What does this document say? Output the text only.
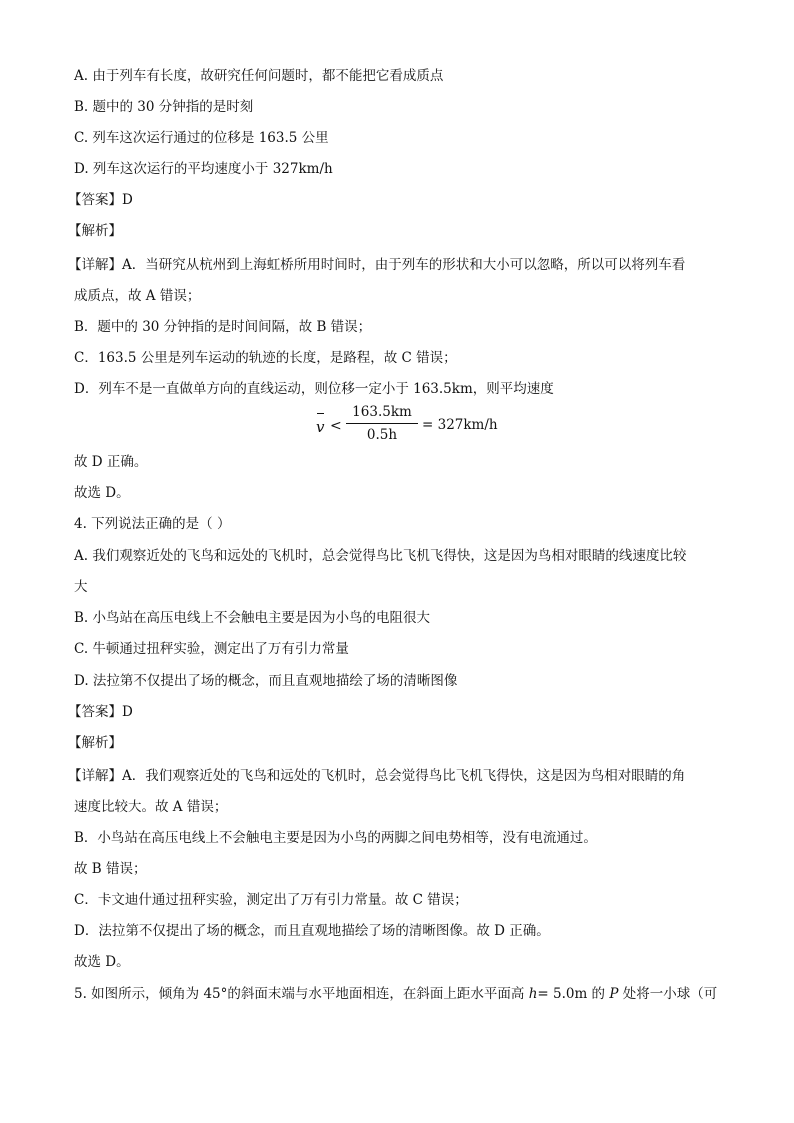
A. 由于列车有长度，故研究任何问题时，都不能把它看成质点
B. 题中的 30 分钟指的是时刻
C. 列车这次运行通过的位移是 163.5 公里
D. 列车这次运行的平均速度小于 327km/h
【答案】D
【解析】
【详解】A．当研究从杭州到上海虹桥所用时间时，由于列车的形状和大小可以忽略，所以可以将列车看
成质点，故 A 错误；
B．题中的 30 分钟指的是时间间隔，故 B 错误；
C．163.5 公里是列车运动的轨迹的长度，是路程，故 C 错误；
D．列车不是一直做单方向的直线运动，则位移一定小于 163.5km，则平均速度
v <
163.5km
0.5h
= 327km/h
故 D 正确。
故选 D。
4. 下列说法正确的是（ ）
A. 我们观察近处的飞鸟和远处的飞机时，总会觉得鸟比飞机飞得快，这是因为鸟相对眼睛的线速度比较
大
B. 小鸟站在高压电线上不会触电主要是因为小鸟的电阻很大
C. 牛顿通过扭秤实验，测定出了万有引力常量
D. 法拉第不仅提出了场的概念，而且直观地描绘了场的清晰图像
【答案】D
【解析】
【详解】A．我们观察近处的飞鸟和远处的飞机时，总会觉得鸟比飞机飞得快，这是因为鸟相对眼睛的角
速度比较大。故 A 错误；
B．小鸟站在高压电线上不会触电主要是因为小鸟的两脚之间电势相等，没有电流通过。
故 B 错误；
C．卡文迪什通过扭秤实验，测定出了万有引力常量。故 C 错误；
D．法拉第不仅提出了场的概念，而且直观地描绘了场的清晰图像。故 D 正确。
故选 D。
5. 如图所示，倾角为 45°的斜面末端与水平地面相连，在斜面上距水平面高 h= 5.0m 的 P 处将一小球（可
